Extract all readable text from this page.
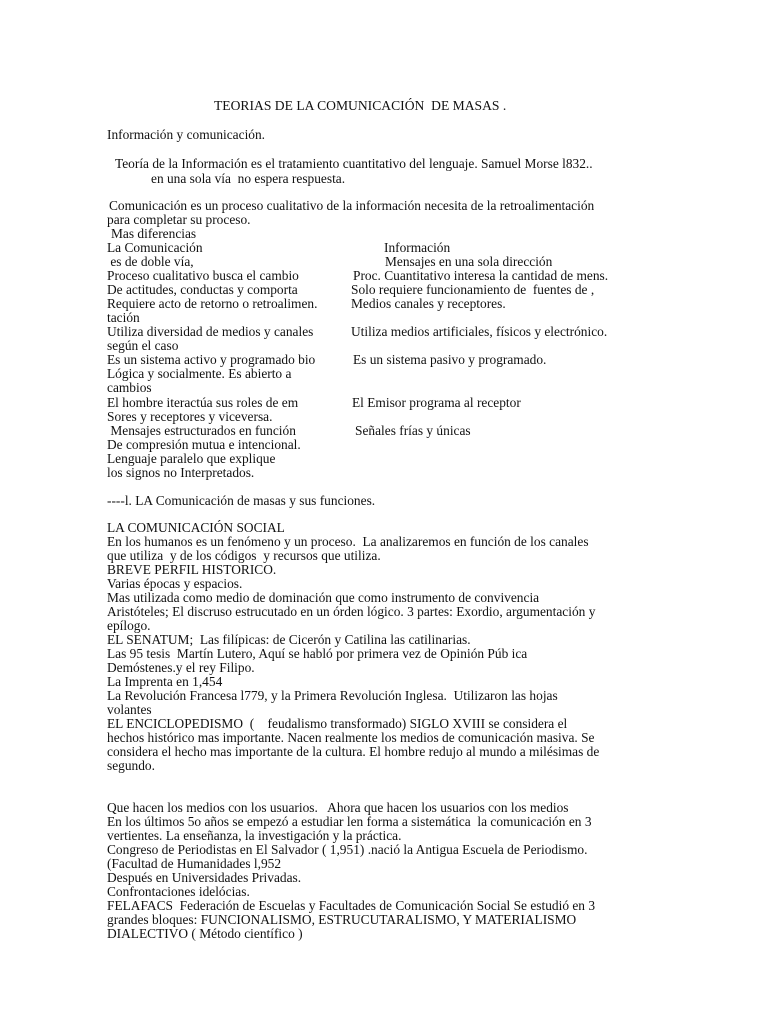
TEORIAS DE LA COMUNICACIÓN  DE MASAS .
Información y comunicación.
Teoría de la Información es el tratamiento cuantitativo del lenguaje. Samuel Morse l832..
en una sola vía  no espera respuesta.
Comunicación es un proceso cualitativo de la información necesita de la retroalimentación
para completar su proceso.
Mas diferencias
La Comunicación
es de doble vía,
Proceso cualitativo busca el cambio
De actitudes, conductas y comporta
Requiere acto de retorno o retroalimen.
tación
Utiliza diversidad de medios y canales
según el caso
Es un sistema activo y programado bio
Lógica y socialmente. Es abierto a
cambios
El hombre iteractúa sus roles de em
Sores y receptores y viceversa.
Mensajes estructurados en función
De compresión mutua e intencional.
Lenguaje paralelo que explique
los signos no Interpretados.
Información
Mensajes en una sola dirección
Proc. Cuantitativo interesa la cantidad de mens.
Solo requiere funcionamiento de  fuentes de ,
Medios canales y receptores.
Utiliza medios artificiales, físicos y electrónico.
Es un sistema pasivo y programado.
El Emisor programa al receptor
Señales frías y únicas
----l. LA Comunicación de masas y sus funciones.
LA COMUNICACIÓN SOCIAL
En los humanos es un fenómeno y un proceso.  La analizaremos en función de los canales
que utiliza  y de los códigos  y recursos que utiliza.
BREVE PERFIL HISTORICO.
Varias épocas y espacios.
Mas utilizada como medio de dominación que como instrumento de convivencia
Aristóteles; El discruso estrucutado en un órden lógico. 3 partes: Exordio, argumentación y
epílogo.
EL SENATUM;  Las filípicas: de Cicerón y Catilina las catilinarias.
Las 95 tesis  Martín Lutero, Aquí se habló por primera vez de Opinión Púb ica
Demóstenes.y el rey Filipo.
La Imprenta en 1,454
La Revolución Francesa l779, y la Primera Revolución Inglesa.  Utilizaron las hojas
volantes
EL ENCICLOPEDISMO  (    feudalismo transformado) SIGLO XVIII se considera el
hechos histórico mas importante. Nacen realmente los medios de comunicación masiva. Se
considera el hecho mas importante de la cultura. El hombre redujo al mundo a milésimas de
segundo.
Que hacen los medios con los usuarios.   Ahora que hacen los usuarios con los medios
En los últimos 5o años se empezó a estudiar len forma a sistemática  la comunicación en 3
vertientes. La enseñanza, la investigación y la práctica.
Congreso de Periodistas en El Salvador ( 1,951) .nació la Antigua Escuela de Periodismo.
(Facultad de Humanidades l,952
Después en Universidades Privadas.
Confrontaciones idelócias.
FELAFACS  Federación de Escuelas y Facultades de Comunicación Social Se estudió en 3
grandes bloques: FUNCIONALISMO, ESTRUCUTARALISMO, Y MATERIALISMO
DIALECTIVO ( Método científico )
